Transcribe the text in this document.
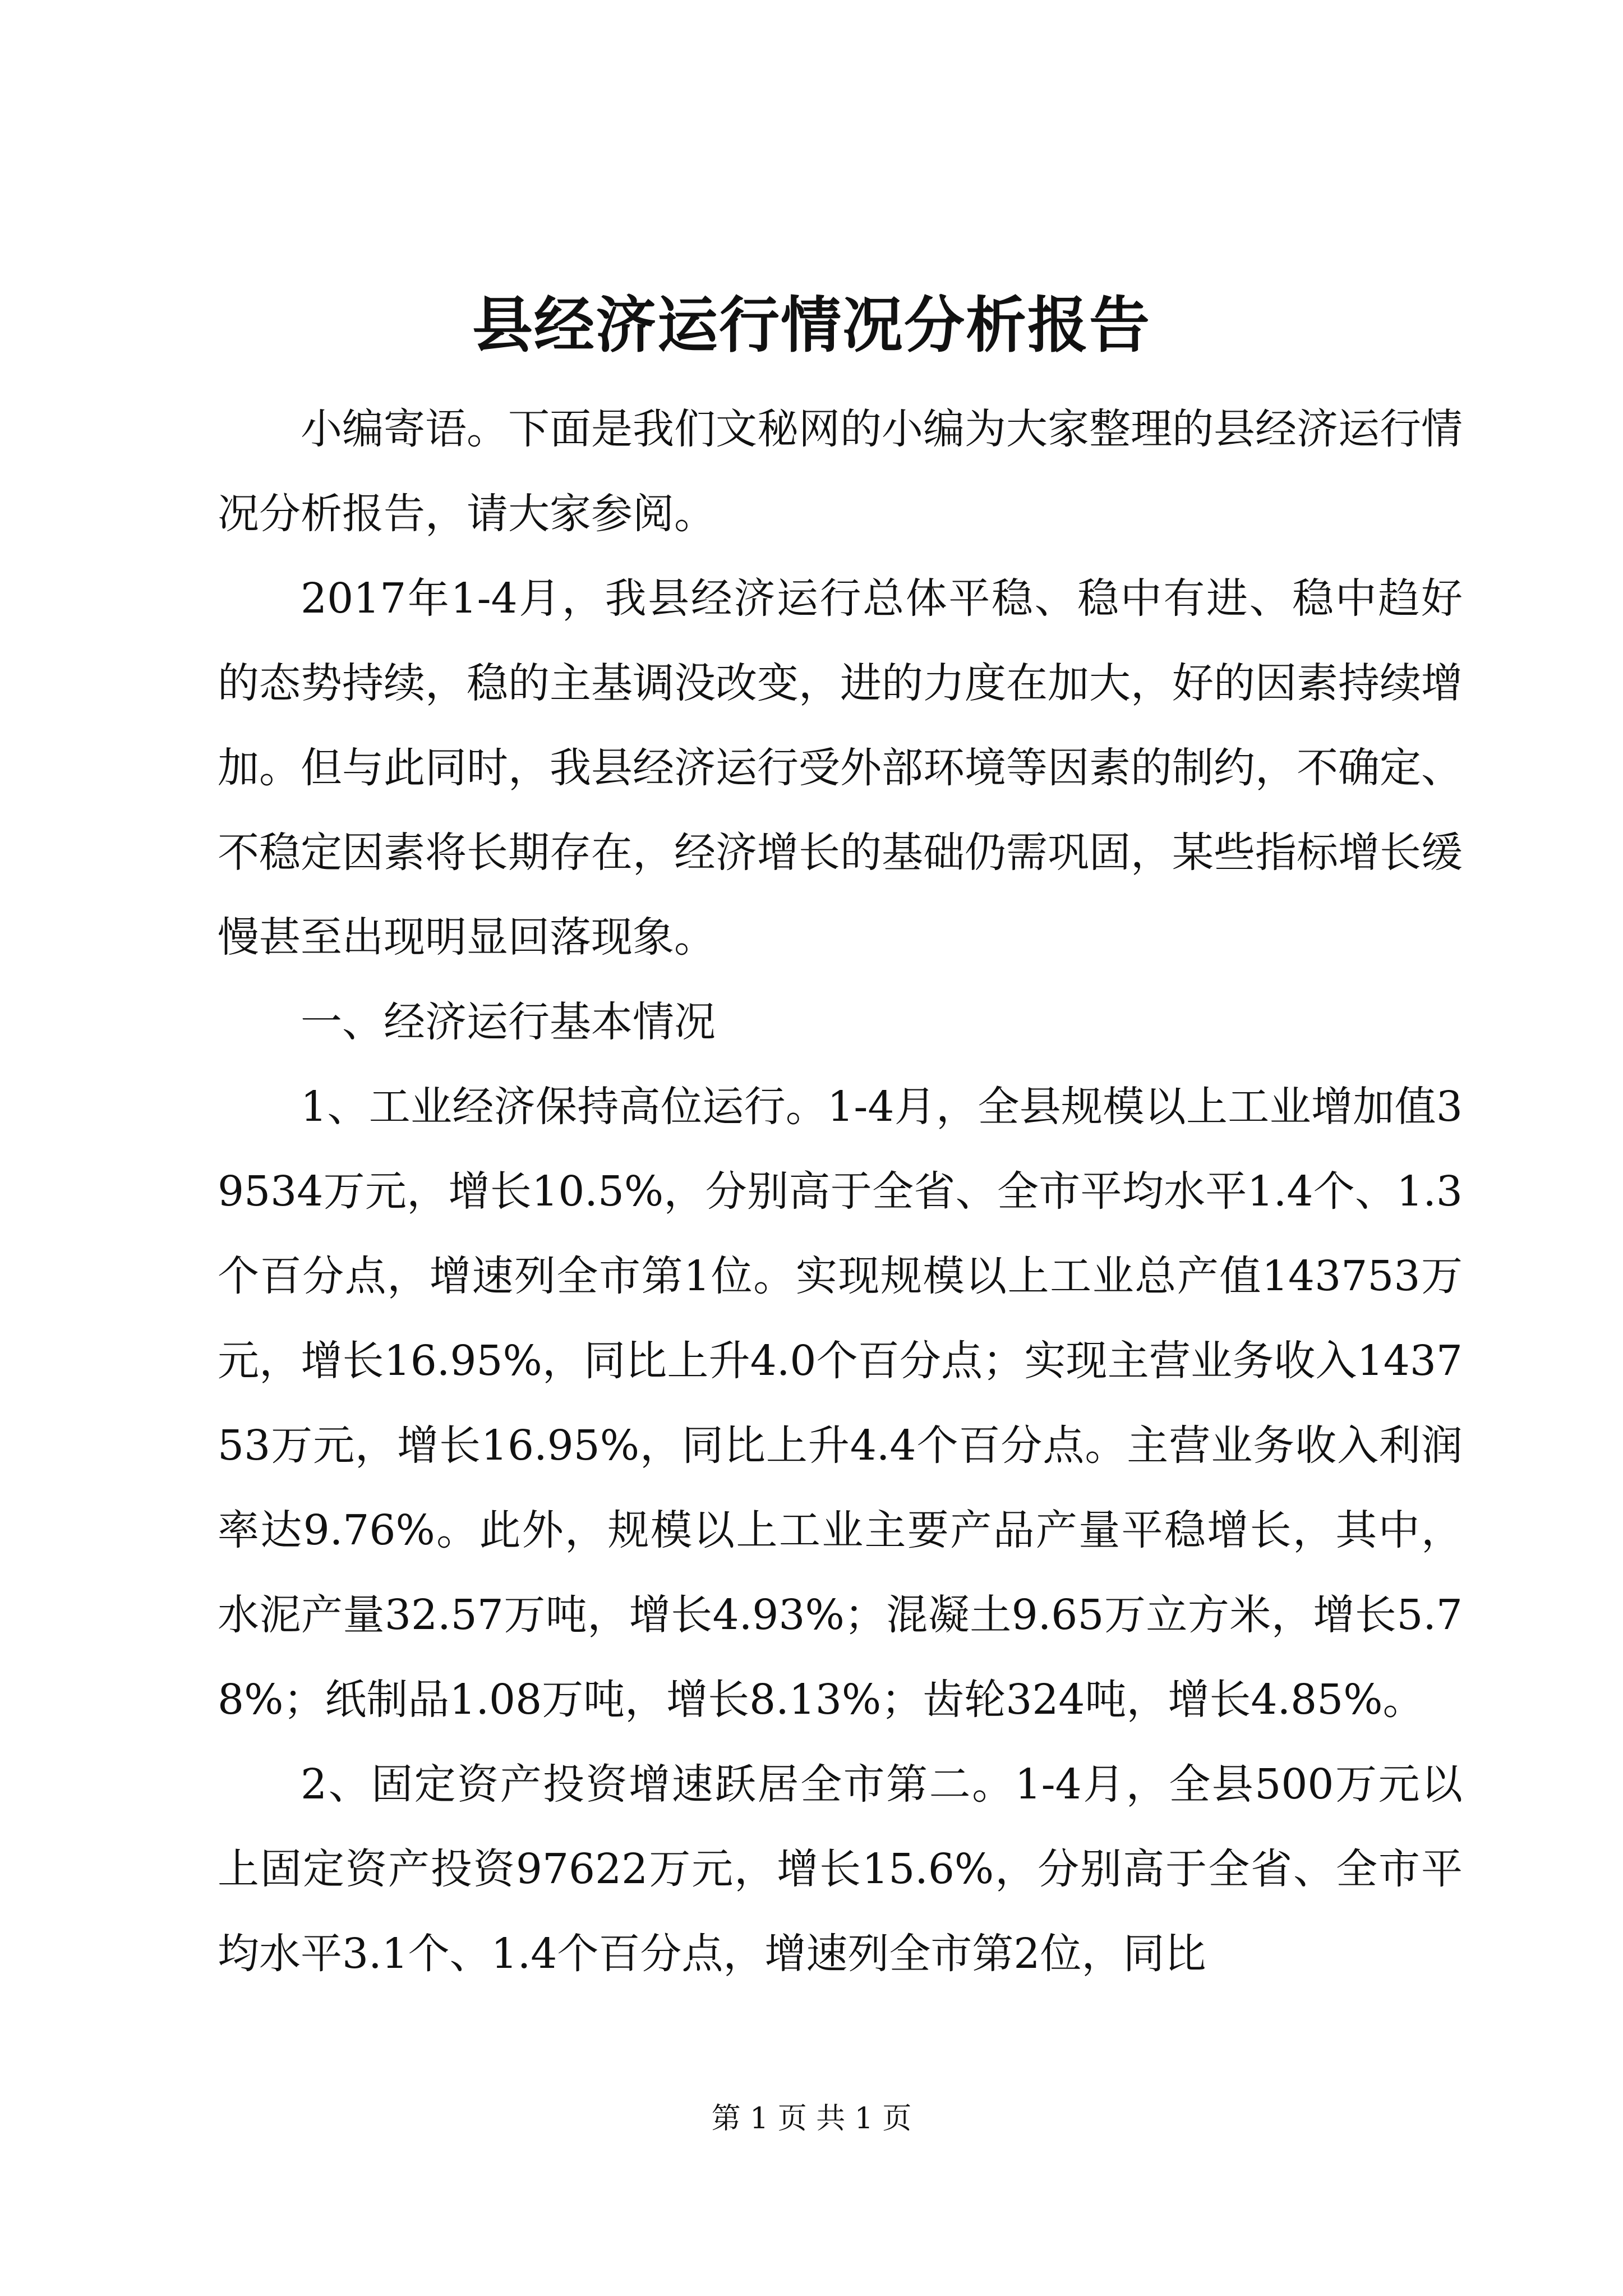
县经济运行情况分析报告

小编寄语。下面是我们文秘网的小编为大家整理的县经济运行情况分析报告，请大家参阅。

2017年1-4月，我县经济运行总体平稳、稳中有进、稳中趋好的态势持续，稳的主基调没改变，进的力度在加大，好的因素持续增加。但与此同时，我县经济运行受外部环境等因素的制约，不确定、不稳定因素将长期存在，经济增长的基础仍需巩固，某些指标增长缓慢甚至出现明显回落现象。

一、经济运行基本情况

1、工业经济保持高位运行。1-4月，全县规模以上工业增加值39534万元，增长10.5%，分别高于全省、全市平均水平1.4个、1.3个百分点，增速列全市第1位。实现规模以上工业总产值143753万元，增长16.95%，同比上升4.0个百分点；实现主营业务收入143753万元，增长16.95%，同比上升4.4个百分点。主营业务收入利润率达9.76%。此外，规模以上工业主要产品产量平稳增长，其中，水泥产量32.57万吨，增长4.93%；混凝土9.65万立方米，增长5.78%；纸制品1.08万吨，增长8.13%；齿轮324吨，增长4.85%。

2、固定资产投资增速跃居全市第二。1-4月，全县500万元以上固定资产投资97622万元，增长15.6%，分别高于全省、全市平均水平3.1个、1.4个百分点，增速列全市第2位，同比

第 1 页 共 1 页
